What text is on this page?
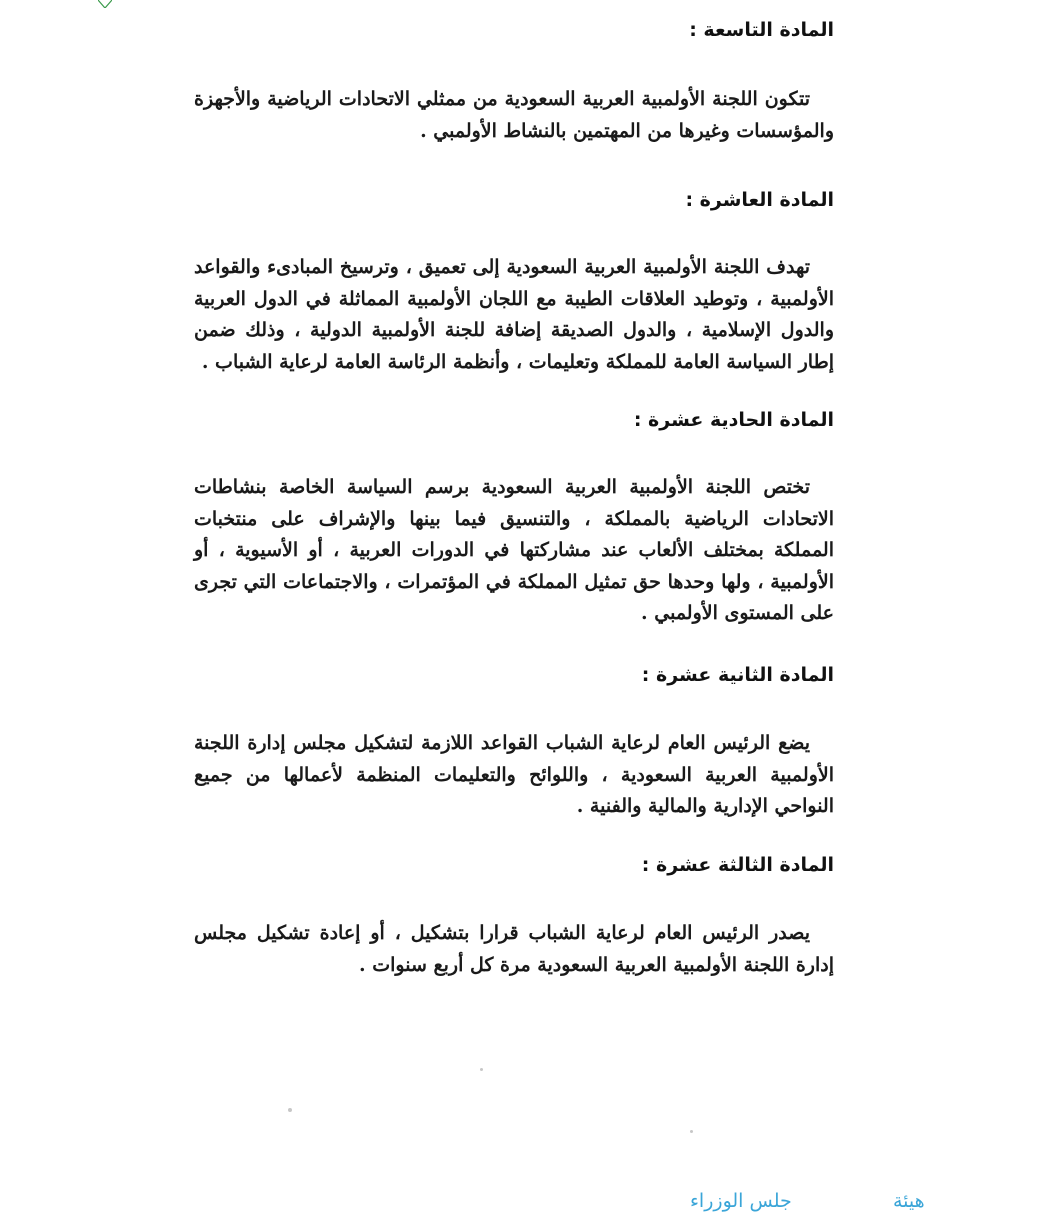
المادة التاسعة :

تتكون اللجنة الأولمبية العربية السعودية من ممثلي الاتحادات الرياضية والأجهزة والمؤسسات وغيرها من المهتمين بالنشاط الأولمبي .

المادة العاشرة :

تهدف اللجنة الأولمبية العربية السعودية إلى تعميق ، وترسيخ المبادىء والقواعد الأولمبية ، وتوطيد العلاقات الطيبة مع اللجان الأولمبية المماثلة في الدول العربية والدول الإسلامية ، والدول الصديقة إضافة للجنة الأولمبية الدولية ، وذلك ضمن إطار السياسة العامة للمملكة وتعليمات ، وأنظمة الرئاسة العامة لرعاية الشباب .

المادة الحادية عشرة :

تختص اللجنة الأولمبية العربية السعودية برسم السياسة الخاصة بنشاطات الاتحادات الرياضية بالمملكة ، والتنسيق فيما بينها والإشراف على منتخبات المملكة بمختلف الألعاب عند مشاركتها في الدورات العربية ، أو الأسيوية ، أو الأولمبية ، ولها وحدها حق تمثيل المملكة في المؤتمرات ، والاجتماعات التي تجرى على المستوى الأولمبي .

المادة الثانية عشرة :

يضع الرئيس العام لرعاية الشباب القواعد اللازمة لتشكيل مجلس إدارة اللجنة الأولمبية العربية السعودية ، واللوائح والتعليمات المنظمة لأعمالها من جميع النواحي الإدارية والمالية والفنية .

المادة الثالثة عشرة :

يصدر الرئيس العام لرعاية الشباب قرارا بتشكيل ، أو إعادة تشكيل مجلس إدارة اللجنة الأولمبية العربية السعودية مرة كل أربع سنوات .

جلس الوزراء	هيئة
